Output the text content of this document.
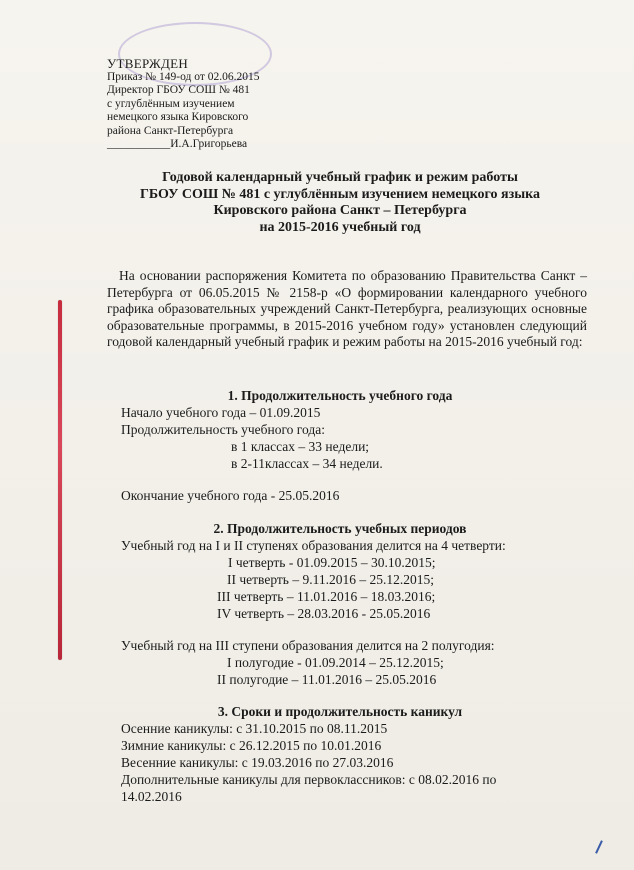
УТВЕРЖДЕН
Приказ № 149-од от 02.06.2015
Директор ГБОУ СОШ № 481
с углублённым изучением
немецкого языка Кировского
района Санкт-Петербурга
___________И.А.Григорьева
Годовой календарный учебный график и режим работы
ГБОУ СОШ № 481 с углублённым изучением немецкого языка
Кировского района Санкт – Петербурга
на 2015-2016 учебный год
На основании распоряжения Комитета по образованию Правительства Санкт – Петербурга от 06.05.2015 № 2158-р «О формировании календарного учебного графика образовательных учреждений Санкт-Петербурга, реализующих основные образовательные программы, в 2015-2016 учебном году» установлен следующий годовой календарный учебный график и режим работы на 2015-2016 учебный год:
1. Продолжительность учебного года
Начало учебного года – 01.09.2015
Продолжительность учебного года:
в 1 классах – 33 недели;
в 2-11классах – 34 недели.
Окончание учебного года - 25.05.2016
2. Продолжительность учебных периодов
Учебный год на I и II ступенях образования делится на 4 четверти:
I четверть - 01.09.2015 – 30.10.2015;
II четверть – 9.11.2016 – 25.12.2015;
III четверть – 11.01.2016 – 18.03.2016;
IV четверть – 28.03.2016 - 25.05.2016
Учебный год на III ступени образования делится на 2 полугодия:
I полугодие - 01.09.2014 – 25.12.2015;
II полугодие – 11.01.2016 – 25.05.2016
3. Сроки и продолжительность каникул
Осенние каникулы: с 31.10.2015 по 08.11.2015
Зимние каникулы: с 26.12.2015 по 10.01.2016
Весенние каникулы: с 19.03.2016 по 27.03.2016
Дополнительные каникулы для первоклассников: с 08.02.2016 по
14.02.2016
